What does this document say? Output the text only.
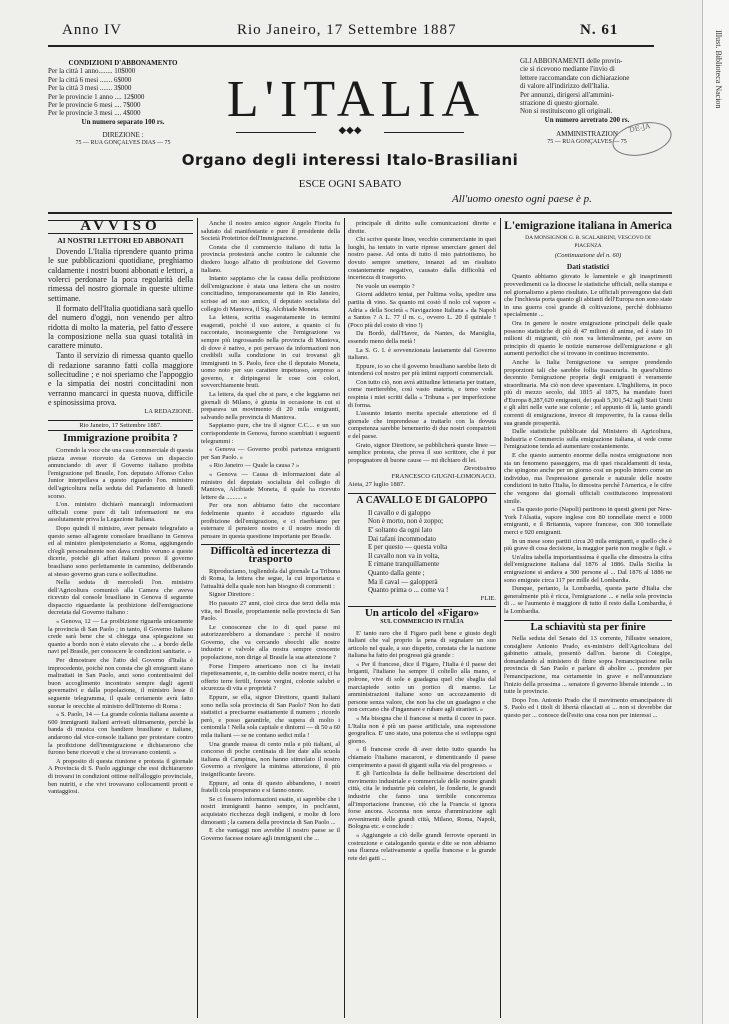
Anno IV	Rio Janeiro, 17 Settembre 1887	N. 61
CONDIZIONI D'ABBONAMENTO
Per la città 1 anno........ 10$000
Per la città 6 mesi ....... 6$000
Per la città 3 mesi ....... 3$000
Per le provincie 1 anno .... 12$000
Per le provincie 6 mesi .... 7$000
Per le provincie 3 mesi .... 4$000
Un numero separato 100 rs.
DIREZIONE :
75 — RUA GONÇALVES DIAS — 75
L'ITALIA
◆◆◆
GLI ABBONAMENTI delle provin-
cie si ricevono mediante l'invio di
lettere raccomandate con dichiarazione
di valore all'indirizzo dell'Italia.
Per annunzi, dirigersi all'ammini-
strazione di questo giornale.
Non si restituiscono gli originali.
Un numero arretrato 200 rs.
AMMINISTRAZION
75 — RUA GONÇALVES — 75
DE-JA
Organo degli interessi Italo-Brasiliani
ESCE OGNI SABATO
All'uomo onesto ogni paese è p.
AVVISO
AI NOSTRI LETTORI ED ABBONATI

Dovendo L'Italia riprendere quanto prima le sue pubblicazioni quotidiane, preghiamo caldamente i nostri buoni abbonati e lettori, a volerci perdonare la poca regolarità della rimessa del nostro giornale in queste ultime settimane.

Il formato dell'Italia quotidiana sarà quello del numero d'oggi, non venendo per altro ridotta di molto la materia, pel fatto d'essere la composizione nella sua quasi totalità in carattere minuto.

Tanto il servizio di rimessa quanto quello di redazione saranno fatti colla maggiore sollecitudine ; e noi speriamo che l'appoggio e la simpatia dei nostri concittadini non verranno mancarci in questa nuova, difficile e spinosissima prova.

LA REDAZIONE.
Rio Janeiro, 17 Settembre 1887.
Immigrazione proibita ?

Correndo la voce che una casa commerciale di questa piazza avesse ricevuto da Genova un dispaccio annunciando di aver il Governo italiano proibita l'emigrazione pel Brasile, l'on. deputato Affonso Celso Junior interpellava a questo riguardo l'on. ministro dell'agricoltura nella seduta del Parlamento di lunedì scorso.

L'on. ministro dichiarò mancargli informazioni ufficiali come pure di tali informazioni ne era assolutamente priva la Legazione Italiana.

Dopo quindi il ministro, aver pensato telegrafato a questo senso all'agente consolare brasiliano in Genova ed al ministro plenipotenziario a Roma, aggiungendo ch'egli personalmente non dava credito veruno a queste dicerie, poichè gli affari italiani presso il governo brasiliano sono perfettamente in cammino, deliberando ai stesso governo gran cura e sollecitudine.

Nella seduta di mercoledì l'on. ministro dell'Agricoltura comunicò alla Camera che aveva ricevuto dal console brasiliano in Genova il seguente dispaccio riguardante la proibizione dell'emigrazione decretata dal Governo italiano :

« Genova, 12 — La proibizione riguarda unicamente la provincia di San Paolo ; in tanto, il Governo Italiano crede sarà bene che si chiegga una spiegazione su quanto a bordo non è stato elevato che ... a bordo delle navi pel Brasile, per conoscere le condizioni sanitarie. »

Per dimostrare che l'atto del Governo d'Italia è improcedente, poichè non consta che gli emigranti siano maltrattati in San Paolo, anzi sono contentissimi del buon accoglimento incontrato sempre dagli agenti governativi e dalla popolazione, il ministro lesse il seguente telegramma, il quale certamente avrà fatto suonar le orecchie al ministro dell'Interno di Roma :

« S. Paolo, 14 — La grande colonia italiana assente a 600 immigranti italiani arrivati ultimamente, perchè la banda di musica con bandiere brasiliane e italiane, andarono dal vice-console italiano per protestare contro la proibizione dell'immigrazione e dichiararono che furono bene ricevuti e che si trovavano contenti. »

A proposito di questa riunione e protesta il giornale A Provincia di S. Paolo aggiunge che essi dichiararono di trovarsi in condizioni ottime nell'alloggio provinciale, ben nutriti, e che vivi trovavano collocamenti pronti e vantaggiosi.

Anche il nostro amico signor Angelo Fiorita fu salutato dal manifestante e pure il presidente della Società Protettrice dell'Immigrazione.

Consta che il commercio italiano di tutta la provincia protesterà anche contro le calunnie che diedero luogo all'atto di proibizione del Governo italiano.

Intanto sappiamo che la causa della proibizione dell'emigrazione è stata una lettera che un nostro concittadino, temporaneamente qui in Rio Janeiro, scrisse ad un suo amico, il deputato socialista del collegio di Mantova, il Sig. Alcibiade Moneta.

La lettera, scritta esageratamente in termini esagerati, poichè il suo autore, a quanto ci fu raccontato, inconseguente che l'emigrazione va sempre più ingrossando nella provincia di Mantova, di dove è nativo, e poi pervaso da informazioni non credibili sulla condizione in cui trovansi gli immigranti in S. Paolo, fece che il deputato Moneta, uomo noto per suo carattere impetuoso, sorpreso a governo, e diripingersi le cose con colori, sovverchiamente bruti.

La lettera, da quel che si pare, e che leggiamo nei giornali di Milano, è giunta in occasione in cui si preparava un movimento di 20 mila emigranti, salvando nella provincia di Mantova.

Sappiamo pure, che tra il signor C.C.... e un suo corrispondente in Genova, furono scambiati i seguenti telegrammi :

« Genova — Governo proibì partenza emigranti per San Paolo. »

« Rio Janeiro — Quale la causa ? »

« Genova — Causa di informazioni date al ministro del deputato socialista del collegio di Mantova, Alcibiade Moneta, il quale ha ricevuto lettere da .......... »

Per ora non abbiamo fatto che raccontare fedelmente quanto è accaduto riguardo alla proibizione dell'emigrazione, e ci riserbiamo per esternare il pensiero nostro e il nostro modo di pensare in questa questione importante per Brasile.

Difficoltà ed incertezza di trasporto

Riproduciamo, togliendola dal giornale La Tribuna di Roma, la lettera che segue, la cui importanza e l'attualità della quale non han bisogno di commenti :

Signor Direttore :

Ho passato 27 anni, cioè circa due terzi della mia vita, nel Brasile, propriamente nella provincia di San Paolo.

Le conoscenze che io di quel paese mi autorizzerebbero a domandare : perchè il nostro Governo, che va cercando sbocchi alle nostre industrie e valvole alla nostra sempre crescente popolazione, non dirige al Brasile la sua attenzione ?

Forse l'impero americano non ci ha inviati rispettosamente, e, in cambio delle nostre merci, ci ha offerto terre fertili, foreste vergini, colonie salubri e sicurezza di vita e proprietà ?

Eppure, se ella, signor Direttore, quanti italiani sono nella sola provincia di San Paolo? Non ho dati statistici a precisarne esattamente il numero ; ricordo però, e posso garantirle, che supera di molto i centomila ! Nella sola capitale e dintorni — di 50 a 60 mila italiani — se ne contano sedici mila !

Una grande massa di cento mila e più italiani, al concorso di poche centinaia di lire date alla scuola italiana di Campinas, non hanno stimolato il nostro Governo a rivolgere la minima attenzione, il più insignificante favore.

Eppure, ad onta di questo abbandono, i nostri fratelli cola prosperano e si fanno onore.

Se ci fossero informazioni esatte, si saprebbe che i nostri immigranti hanno sempre, in poch'anni, acquistato ricchezza degli indigeni, e molte di loro dimoranti ; la camera della provincia di San Paolo ...

E che vantaggi non avrebbe il nostro paese se il Governo facesse notare agli immigranti che ...

principale di diritto sulle comunicazioni dirette e dirette.

Chi scrive queste linee, vecchio commerciante in quei luoghi, ha tentato in varie riprese smerciare generi del nostro paese. Ad onta di tutto il mio patriottismo, ho dovuto sempre smettere, innanzi ad un risultato costantemente negativo, causato dalla difficoltà ed incertezza di trasporto.

Ne vuole un esempio ?

Giorni addietro tentai, per l'ultima volta, spedire una partita di vino. Sa quanto mi costò il nolo col vapore « Adria » della Società « Navigazione Italiana » da Napoli a Santos ? A L. 77 il m. c., ovvero L. 20 il quintale ! (Poco più del costo di vino !)

Da Bordò, dall'Havre, da Nantes, da Marsiglia, essendo meno della metà !

La S. G. I. è sovvenzionata lautamente dal Governo italiano.

Eppure, io so che il governo brasiliano sarebbe lieto di intendersi col nostro per più intimi rapporti commerciali.

Con tutto ciò, non avrà attitudine letteraria per trattare, come meriterebbe, così vasto materia, e temo veder respinta i miei scritti dalla « Tribuna » per imperfezione di forma.

L'assunto intanto merita speciale attenzione ed il giornale che imprendesse a trattarlo con la dovuta competenza sarebbe benemerito di due nostri compatrioti e del paese.

Grato, signor Direttore, se pubblicherà queste linee — semplice protesta, che prova il suo scrittore, che è pur propugnatore di buone cause — mi dichiaro di lei.

Devotissimo
FRANCESCO GIUGNI-LOMONACO.
Aieta, 27 luglio 1887.
A CAVALLO E DI GALOPPO

Il cavallo e di galoppo

Non è morto, non è zoppo;

E' soltanto da ogni lato

Dai tafani incommodato

E per questo — questa volta

Il cavallo non va in volta,

E rimane tranquillamente

Quanto dalla gente ;

Ma il caval — galopperà

Quanto prima o ... come va !

FLIE.
Un articolo del «Figaro»
SUL COMMERCIO IN ITALIA

E' tanto raro che il Figaro parli bene e giusto degli italiani che val proprio la pena di segnalare un suo articolo nel quale, a suo dispetto, constata che la nazione italiana ha fatto dei progressi già grande :

« Per il francese, dice il Figaro, l'Italia è il paese dei briganti, l'italiano ha sempre il coltello alla mano, e polrone, vive di sole e guadagna quel che sbaglia dal marciapiede sotto un portico di marmo. Le amministrazioni italiane sono un accozzamento di persone senza valore, che non ha che un guadagno e che non cercano che d'ingannare e rubare agli stranieri. »

« Ma bisogna che il francese si metta il cuore in pace. L'Italia non è più un paese artificiale, una espressione geografica. E' uno stato, una potenza che si sviluppa ogni giorno.

« Il francese crede di aver detto tutto quando ha chiamato l'italiano macaroni, e dimenticando il paese comprimento a passi di giganti sulla via del progresso. »

E gli l'articolista fa delle bellissime descrizioni del movimento industriale e commerciale delle nostre grandi città, cita le industrie più celebri, le fonderie, le grandi industrie che fanno una terribile concorrenza all'importazione francese, ciò che la Francia si ignora forse ancora. Accenna non senza d'ammirazione agli avvenimenti delle grandi città, Milano, Roma, Napoli, Bologna etc. e conclude :

« Aggiungete a ciò delle grandi ferrovie operanti in costruzione e catalogando questa e dite se non abbiamo una fluenza relativamente a quella francese e la grande rete dei gatti ...

L'emigrazione italiana in America
DA MONSIGNOR G. B. SCALABRINI, VESCOVO DI PIACENZA
(Continuazione del n. 60)
Dati statistici

Quanto abbiamo giovato le lamentele e gli inasprimenti provvedimenti ca la diocese le statistiche ufficiali, nella stampa e nel giornalismo a pieno risultato. Le ufficiali provengono dai dati che l'inchiesta porta quanto gli abitanti dell'Europa non sono state in una guerra così grande di coltivazione, perchè dobbiamo specialmente ...

Ora in genere le nostre emigrazione principali delle quale possono statistiche di più di 47 milioni di anime, ed è stato 10 milioni di migranti, ciò non va letteralmente, per avere un principio di quanto le notizie numerose dell'emigrazione e gli aumenti periodici che si trovano in continuo incremento.

Anche la Italia l'emigrazione va sempre prendendo proporzioni tali che sarebbe follia trascurarla. In quest'ultimo decennio l'emigrazione propria degli emigranti è veramente straordinaria. Ma ciò non deve spaventare. L'Inghilterra, in poco più di mezzo secolo, dal 1815 al 1875, ha mandato fuori d'Europa 8,287,620 emigranti, dei quali 5,301,542 agli Stati Uniti e gli altri nelle varie sue colonie ; ed appunto di là, tanto grandi correnti di emigrazione, invece di impoverire, fu la causa della sua grande prosperità.

Dalle statistiche pubblicate dal Ministero di Agricoltura, Industria e Commercio sulla emigrazione italiana, si vede come l'emigrazione tenda ad aumentare costantemente.

E che questo aumento enorme della nostra emigrazione non sia un fenomeno passeggero, ma di quei riscaldamenti di testa, che spingono anche per un giorno cosi un popolo intero come un individuo, ma l'espressione generale e naturale delle nostre condizioni in tutto l'Italia, lo dimostra perchè l'America, e le cifre che vengono dai giornali ufficiali costituiscono impressioni simile.

« Da questo porto (Napoli) partirono in questi giorni per New-York l'Alsatia, vapore inglese con 80 tonnellate merci e 1000 emigranti, e il Britannia, vapore francese, con 300 tonnellate merci e 920 emigranti.

In un mese sono partiti circa 20 mila emigranti, e quello che è più grave di cosa decisione, la maggior parte non moglie e figli. »

Un'altra tabella importantissima è quella che dimostra la cifra dell'emigrazione italiana dal 1876 al 1886. Dalla Sicilia la emigrazione si andava a 300 persone al ... Dal 1876 al 1886 ne sono emigrate circa 117 per mille del Lombardia.

Dunque, pertanto, la Lombardia, questa parte d'Italia che generalmente più è ricca, l'emigrazione ... e nella sola provincia di ... se l'aumento è maggiore di tutto il resto dalla Lombardia, è la Lombardia.

La schiavitù sta per finire

Nella seduta del Senato del 13 corrente, l'illustre senatore, consigliere Antonio Prado, ex-ministro dell'Agricoltura del gabinetto attuale, presentò dall'on. barone di Cotegipe, domandando al ministero di finire sopra l'emancipazione nella provincia di San Paolo e parlare di abolire ... prendere per l'emancipazione, ma certamente in grave e nell'annunziare l'inizio della prossima ... senatore il governo liberale intende ... in tutte le provincie.

Dopo l'on. Antonio Prado che il movimento emancipatore di S. Paolo ed i titoli di libertà rilasciati ai ... non si dovrebbe dar questo per ... conosce dell'esito una cosa non per interessi ...

Illust. Biblioteca Nacion
